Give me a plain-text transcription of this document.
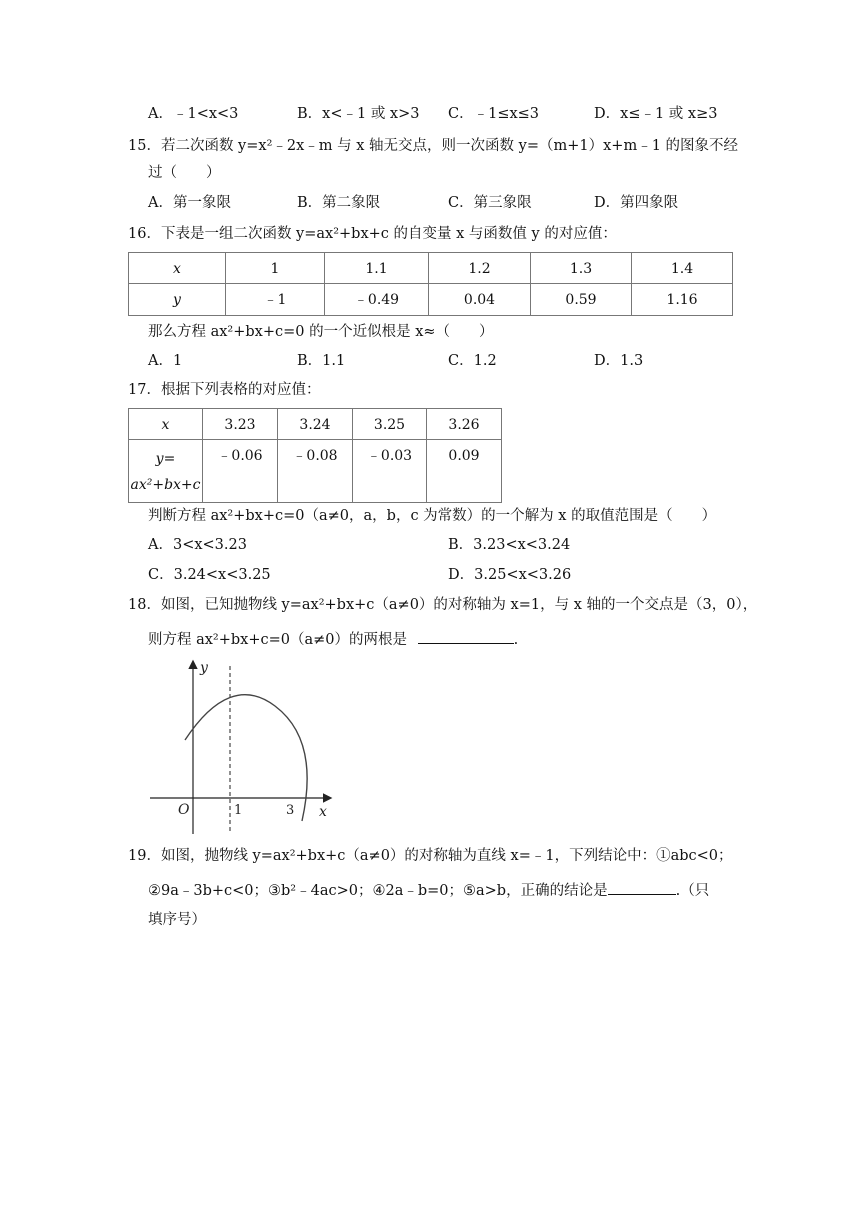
A．﹣1<x<3	B．x<﹣1 或 x>3 C．﹣1≤x≤3	D．x≤﹣1 或 x≥3
15．若二次函数 y=x²﹣2x﹣m 与 x 轴无交点，则一次函数 y=（m+1）x+m﹣1 的图象不经
过（　　）
A．第一象限	B．第二象限	C．第三象限	D．第四象限
16．下表是一组二次函数 y=ax²+bx+c 的自变量 x 与函数值 y 的对应值：
x	1	1.1	1.2	1.3	1.4
y	﹣1	﹣0.49	0.04	0.59	1.16
那么方程 ax²+bx+c=0 的一个近似根是 x≈（　　）
A．1	B．1.1	C．1.2	D．1.3
17．根据下列表格的对应值：
x	3.23	3.24	3.25	3.26
y=
ax²+bx+c	﹣0.06	﹣0.08	﹣0.03	0.09
判断方程 ax²+bx+c=0（a≠0，a，b，c 为常数）的一个解为 x 的取值范围是（　　）
A．3<x<3.23	B．3.23<x<3.24
C．3.24<x<3.25	D．3.25<x<3.26
18．如图，已知抛物线 y=ax²+bx+c（a≠0）的对称轴为 x=1，与 x 轴的一个交点是（3，0），
则方程 ax²+bx+c=0（a≠0）的两根是	.
y
x
O	1	3
19．如图，抛物线 y=ax²+bx+c（a≠0）的对称轴为直线 x=﹣1，下列结论中：①abc<0；
②9a﹣3b+c<0；③b²﹣4ac>0；④2a﹣b=0；⑤a>b，正确的结论是	.（只
填序号）
